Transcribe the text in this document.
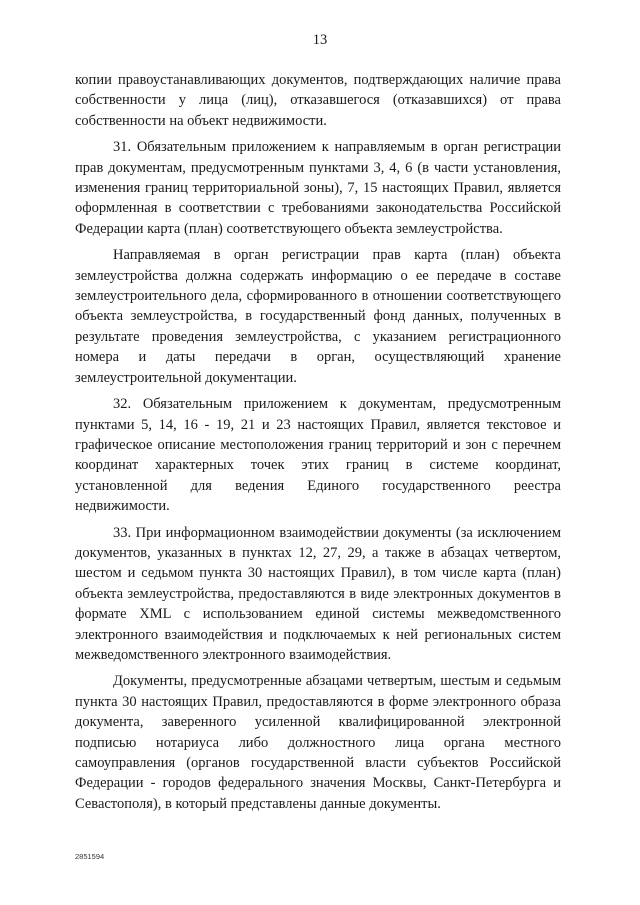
13

копии правоустанавливающих документов, подтверждающих наличие права собственности у лица (лиц), отказавшегося (отказавшихся) от права собственности на объект недвижимости.

31. Обязательным приложением к направляемым в орган регистрации прав документам, предусмотренным пунктами 3, 4, 6 (в части установления, изменения границ территориальной зоны), 7, 15 настоящих Правил, является оформленная в соответствии с требованиями законодательства Российской Федерации карта (план) соответствующего объекта землеустройства.

Направляемая в орган регистрации прав карта (план) объекта землеустройства должна содержать информацию о ее передаче в составе землеустроительного дела, сформированного в отношении соответствующего объекта землеустройства, в государственный фонд данных, полученных в результате проведения землеустройства, с указанием регистрационного номера и даты передачи в орган, осуществляющий хранение землеустроительной документации.

32. Обязательным приложением к документам, предусмотренным пунктами 5, 14, 16 - 19, 21 и 23 настоящих Правил, является текстовое и графическое описание местоположения границ территорий и зон с перечнем координат характерных точек этих границ в системе координат, установленной для ведения Единого государственного реестра недвижимости.

33. При информационном взаимодействии документы (за исключением документов, указанных в пунктах 12, 27, 29, а также в абзацах четвертом, шестом и седьмом пункта 30 настоящих Правил), в том числе карта (план) объекта землеустройства, предоставляются в виде электронных документов в формате XML с использованием единой системы межведомственного электронного взаимодействия и подключаемых к ней региональных систем межведомственного электронного взаимодействия.

Документы, предусмотренные абзацами четвертым, шестым и седьмым пункта 30 настоящих Правил, предоставляются в форме электронного образа документа, заверенного усиленной квалифицированной электронной подписью нотариуса либо должностного лица органа местного самоуправления (органов государственной власти субъектов Российской Федерации - городов федерального значения Москвы, Санкт-Петербурга и Севастополя), в который представлены данные документы.

2851594
